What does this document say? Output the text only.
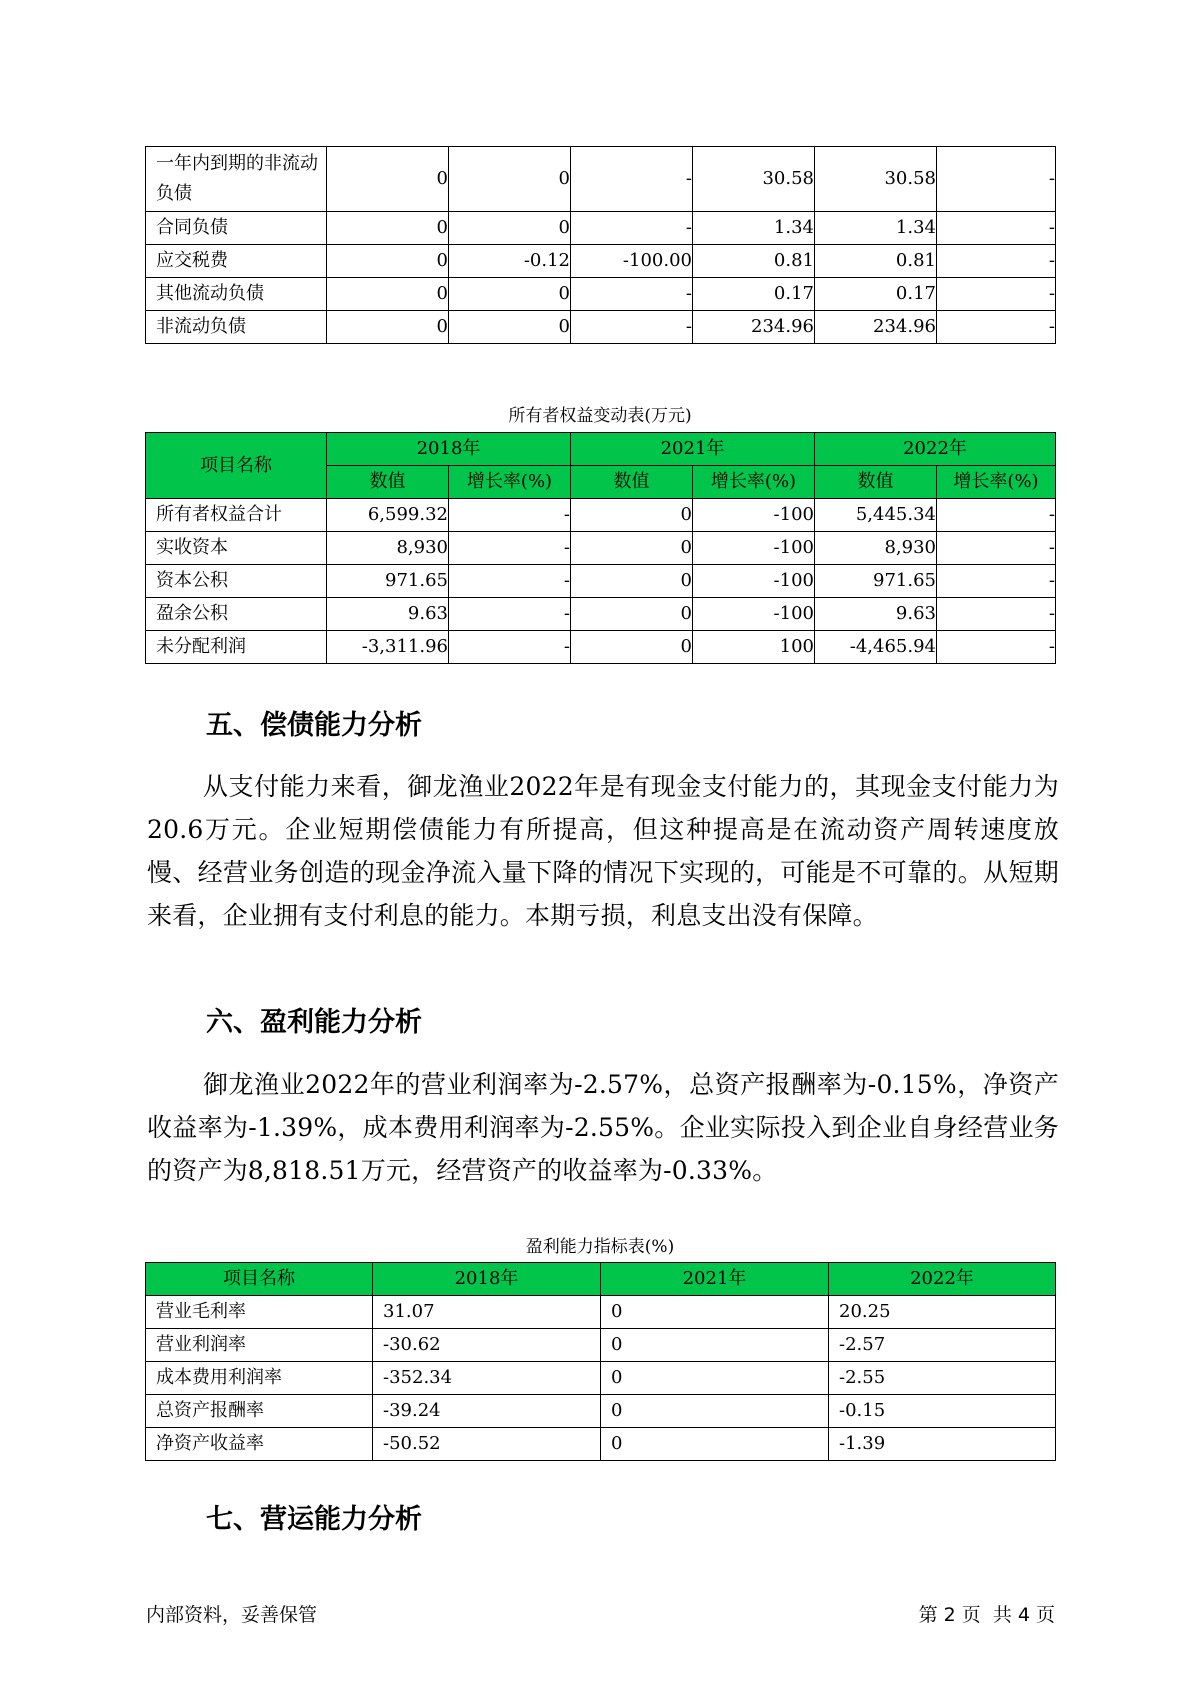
一年内到期的非流动负债	0	0	-	30.58	30.58	-
合同负债	0	0	-	1.34	1.34	-
应交税费	0	-0.12	-100.00	0.81	0.81	-
其他流动负债	0	0	-	0.17	0.17	-
非流动负债	0	0	-	234.96	234.96	-
所有者权益变动表(万元)
项目名称	2018年		2021年		2022年	
	数值	增长率(%)	数值	增长率(%)	数值	增长率(%)
所有者权益合计	6,599.32	-	0	-100	5,445.34	-
实收资本	8,930	-	0	-100	8,930	-
资本公积	971.65	-	0	-100	971.65	-
盈余公积	9.63	-	0	-100	9.63	-
未分配利润	-3,311.96	-	0	100	-4,465.94	-
五、偿债能力分析

从支付能力来看，御龙渔业2022年是有现金支付能力的，其现金支付能力为20.6万元。企业短期偿债能力有所提高，但这种提高是在流动资产周转速度放慢、经营业务创造的现金净流入量下降的情况下实现的，可能是不可靠的。从短期来看，企业拥有支付利息的能力。本期亏损，利息支出没有保障。

六、盈利能力分析

御龙渔业2022年的营业利润率为-2.57%，总资产报酬率为-0.15%，净资产收益率为-1.39%，成本费用利润率为-2.55%。企业实际投入到企业自身经营业务的资产为8,818.51万元，经营资产的收益率为-0.33%。

盈利能力指标表(%)
项目名称	2018年	2021年	2022年
营业毛利率	31.07	0	20.25
营业利润率	-30.62	0	-2.57
成本费用利润率	-352.34	0	-2.55
总资产报酬率	-39.24	0	-0.15
净资产收益率	-50.52	0	-1.39
七、营运能力分析
内部资料，妥善保管	第 2 页  共 4 页
